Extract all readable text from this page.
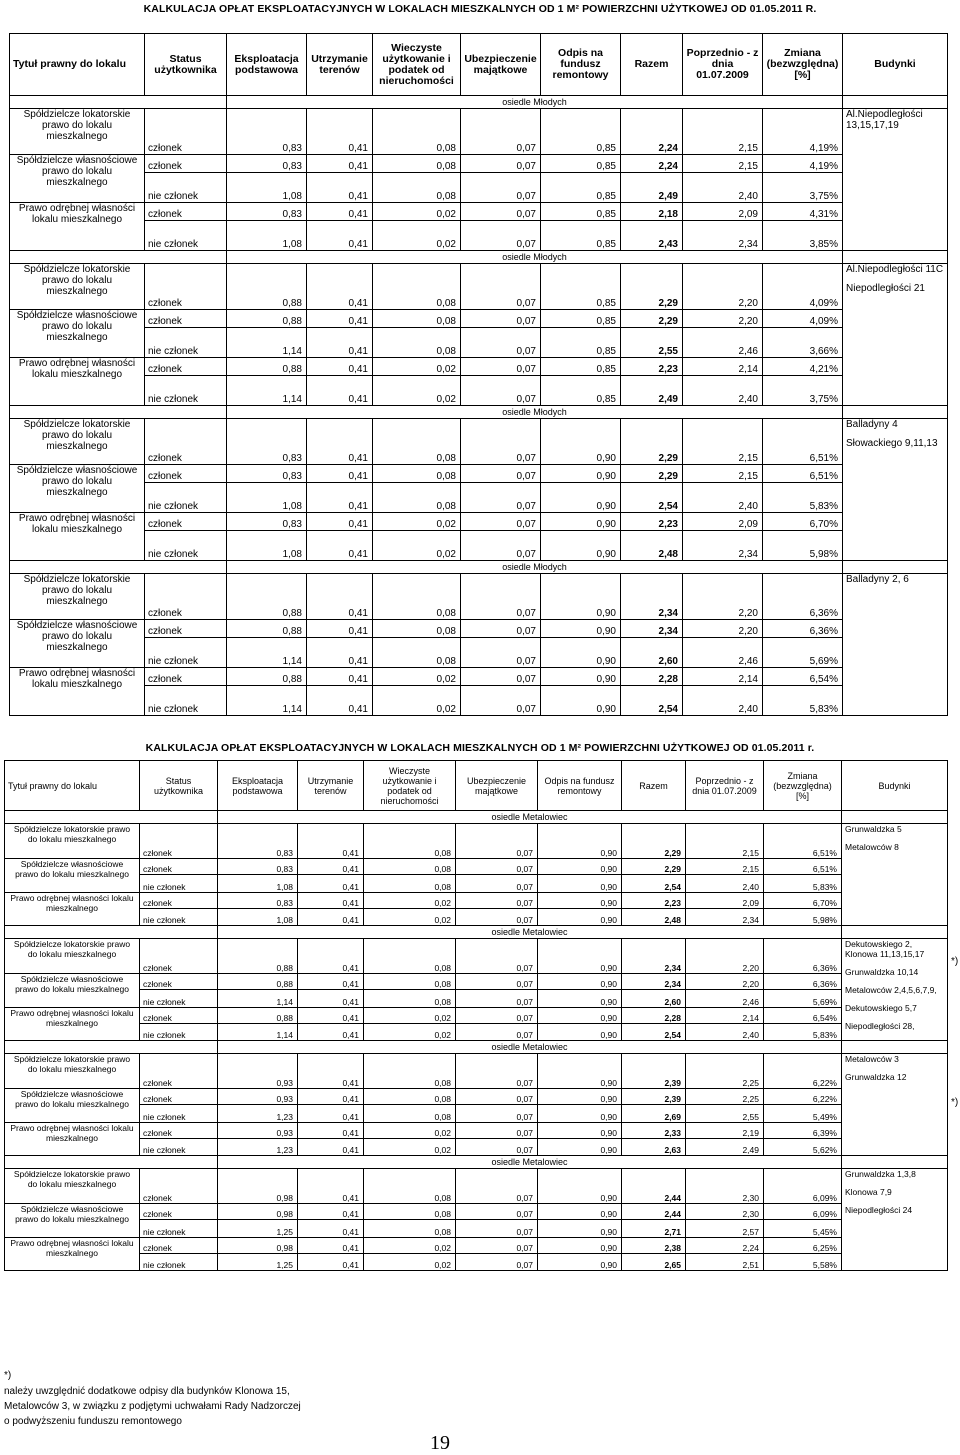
KALKULACJA OPŁAT EKSPLOATACYJNYCH W LOKALACH MIESZKALNYCH OD 1 M² POWIERZCHNI UŻYTKOWEJ OD 01.05.2011 R.
Tytuł prawny do lokalu	Status użytkownika	Eksploatacja podstawowa	Utrzymanie terenów	Wieczyste użytkowanie i podatek od nieruchomości	Ubezpieczenie majątkowe	Odpis na fundusz remontowy	Razem	Poprzednio - z dnia 01.07.2009	Zmiana (bezwzględna) [%]	Budynki
		osiedle Młodych								
Spółdzielcze lokatorskie prawo do lokalu mieszkalnego	członek	0,83	0,41	0,08	0,07	0,85	2,24	2,15	4,19%	Al.Niepodległości 13,15,17,19

Spółdzielcze własnościowe prawo do lokalu mieszkalnego	członek	0,83	0,41	0,08	0,07	0,85	2,24	2,15	4,19%	
	nie członek	1,08	0,41	0,08	0,07	0,85	2,49	2,40	3,75%	
Prawo odrębnej własności lokalu mieszkalnego	członek	0,83	0,41	0,02	0,07	0,85	2,18	2,09	4,31%	
	nie członek	1,08	0,41	0,02	0,07	0,85	2,43	2,34	3,85%	
		osiedle Młodych								
Spółdzielcze lokatorskie prawo do lokalu mieszkalnego	członek	0,88	0,41	0,08	0,07	0,85	2,29	2,20	4,09%	Al.Niepodległości 11C
Niepodległości 21

Spółdzielcze własnościowe prawo do lokalu mieszkalnego	członek	0,88	0,41	0,08	0,07	0,85	2,29	2,20	4,09%	
	nie członek	1,14	0,41	0,08	0,07	0,85	2,55	2,46	3,66%	
Prawo odrębnej własności lokalu mieszkalnego	członek	0,88	0,41	0,02	0,07	0,85	2,23	2,14	4,21%	
	nie członek	1,14	0,41	0,02	0,07	0,85	2,49	2,40	3,75%	
		osiedle Młodych								
Spółdzielcze lokatorskie prawo do lokalu mieszkalnego	członek	0,83	0,41	0,08	0,07	0,90	2,29	2,15	6,51%	Balladyny 4
Słowackiego 9,11,13

Spółdzielcze własnościowe prawo do lokalu mieszkalnego	członek	0,83	0,41	0,08	0,07	0,90	2,29	2,15	6,51%	
	nie członek	1,08	0,41	0,08	0,07	0,90	2,54	2,40	5,83%	
Prawo odrębnej własności lokalu mieszkalnego	członek	0,83	0,41	0,02	0,07	0,90	2,23	2,09	6,70%	
	nie członek	1,08	0,41	0,02	0,07	0,90	2,48	2,34	5,98%	
		osiedle Młodych								
Spółdzielcze lokatorskie prawo do lokalu mieszkalnego	członek	0,88	0,41	0,08	0,07	0,90	2,34	2,20	6,36%	Balladyny 2, 6

Spółdzielcze własnościowe prawo do lokalu mieszkalnego	członek	0,88	0,41	0,08	0,07	0,90	2,34	2,20	6,36%	
	nie członek	1,14	0,41	0,08	0,07	0,90	2,60	2,46	5,69%	
Prawo odrębnej własności lokalu mieszkalnego	członek	0,88	0,41	0,02	0,07	0,90	2,28	2,14	6,54%	
	nie członek	1,14	0,41	0,02	0,07	0,90	2,54	2,40	5,83%	
KALKULACJA OPŁAT EKSPLOATACYJNYCH W LOKALACH MIESZKALNYCH OD 1 M² POWIERZCHNI UŻYTKOWEJ OD 01.05.2011 r.
Tytuł prawny do lokalu	Status użytkownika	Eksploatacja podstawowa	Utrzymanie terenów	Wieczyste użytkowanie i podatek od nieruchomości	Ubezpieczenie majątkowe	Odpis na fundusz remontowy	Razem	Poprzednio - z dnia 01.07.2009	Zmiana (bezwzględna) [%]	Budynki
		osiedle Metalowiec								
Spółdzielcze lokatorskie prawo do lokalu mieszkalnego	członek	0,83	0,41	0,08	0,07	0,90	2,29	2,15	6,51%	Grunwaldzka 5
Metalowców 8

Spółdzielcze własnościowe prawo do lokalu mieszkalnego	członek	0,83	0,41	0,08	0,07	0,90	2,29	2,15	6,51%	
	nie członek	1,08	0,41	0,08	0,07	0,90	2,54	2,40	5,83%	
Prawo odrębnej własności lokalu mieszkalnego	członek	0,83	0,41	0,02	0,07	0,90	2,23	2,09	6,70%	
	nie członek	1,08	0,41	0,02	0,07	0,90	2,48	2,34	5,98%	
		osiedle Metalowiec								
Spółdzielcze lokatorskie prawo do lokalu mieszkalnego	członek	0,88	0,41	0,08	0,07	0,90	2,34	2,20	6,36%	Dekutowskiego 2, Klonowa 11,13,15,17
Grunwaldzka 10,14
Metalowców 2,4,5,6,7,9,
Dekutowskiego 5,7
Niepodległości 28,

Spółdzielcze własnościowe prawo do lokalu mieszkalnego	członek	0,88	0,41	0,08	0,07	0,90	2,34	2,20	6,36%	
	nie członek	1,14	0,41	0,08	0,07	0,90	2,60	2,46	5,69%	
Prawo odrębnej własności lokalu mieszkalnego	członek	0,88	0,41	0,02	0,07	0,90	2,28	2,14	6,54%	
	nie członek	1,14	0,41	0,02	0,07	0,90	2,54	2,40	5,83%	
		osiedle Metalowiec								
Spółdzielcze lokatorskie prawo do lokalu mieszkalnego	członek	0,93	0,41	0,08	0,07	0,90	2,39	2,25	6,22%	Metalowców 3
Grunwaldzka 12

Spółdzielcze własnościowe prawo do lokalu mieszkalnego	członek	0,93	0,41	0,08	0,07	0,90	2,39	2,25	6,22%	
	nie członek	1,23	0,41	0,08	0,07	0,90	2,69	2,55	5,49%	
Prawo odrębnej własności lokalu mieszkalnego	członek	0,93	0,41	0,02	0,07	0,90	2,33	2,19	6,39%	
	nie członek	1,23	0,41	0,02	0,07	0,90	2,63	2,49	5,62%	
		osiedle Metalowiec								
Spółdzielcze lokatorskie prawo do lokalu mieszkalnego	członek	0,98	0,41	0,08	0,07	0,90	2,44	2,30	6,09%	Grunwaldzka 1,3,8
Klonowa 7,9
Niepodległości 24

Spółdzielcze własnościowe prawo do lokalu mieszkalnego	członek	0,98	0,41	0,08	0,07	0,90	2,44	2,30	6,09%	
	nie członek	1,25	0,41	0,08	0,07	0,90	2,71	2,57	5,45%	
Prawo odrębnej własności lokalu mieszkalnego	członek	0,98	0,41	0,02	0,07	0,90	2,38	2,24	6,25%	
	nie członek	1,25	0,41	0,02	0,07	0,90	2,65	2,51	5,58%	
*)
*)
*)
należy uwzględnić dodatkowe odpisy dla budynków Klonowa 15,
Metalowców 3, w związku z podjętymi uchwałami Rady Nadzorczej
o podwyższeniu funduszu remontowego
19
